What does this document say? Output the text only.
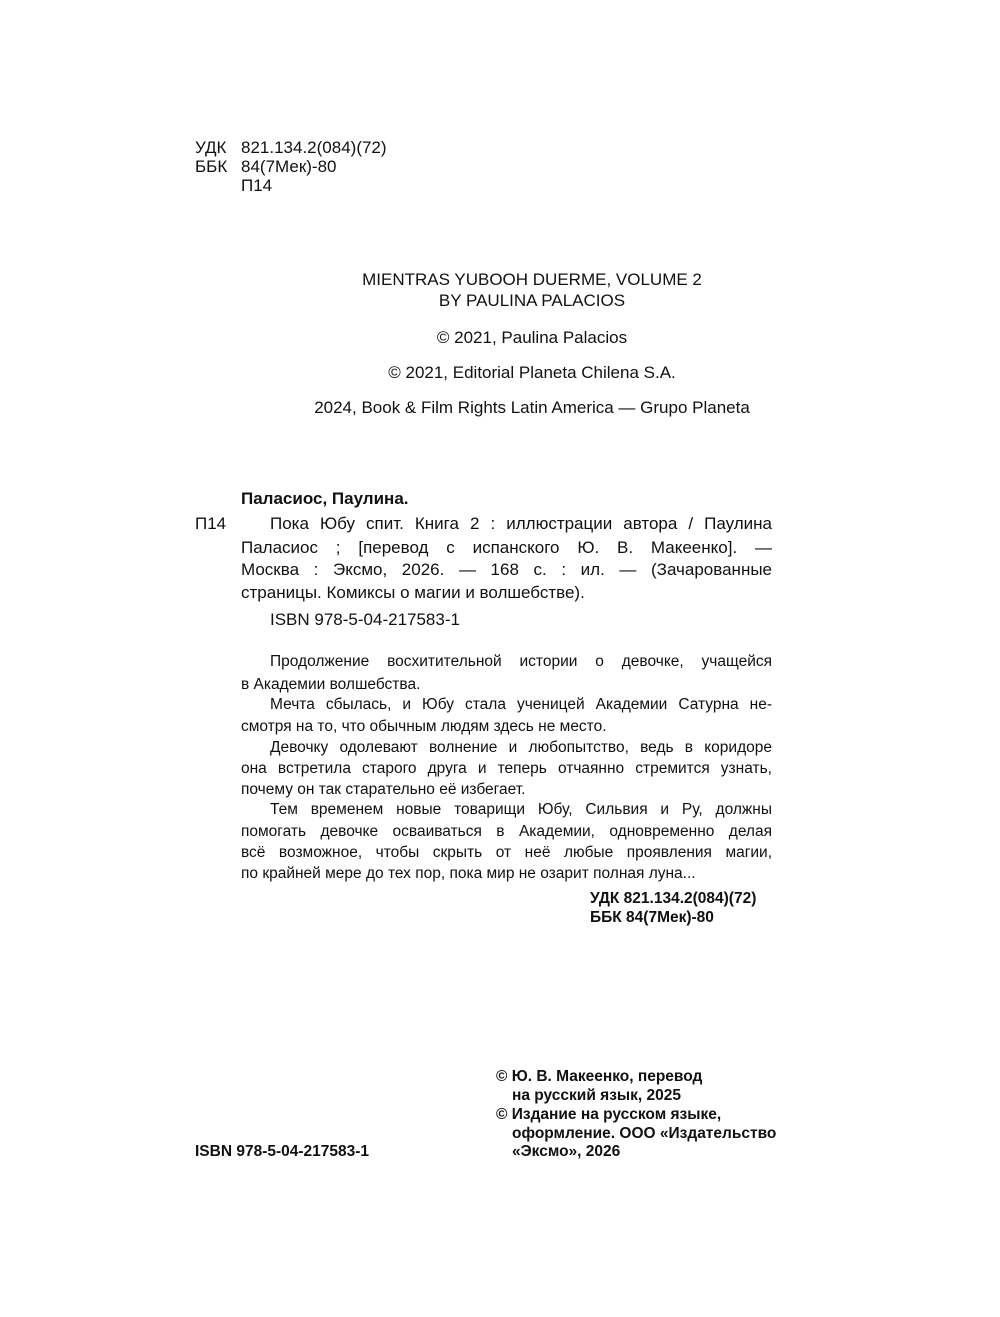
УДК 821.134.2(084)(72)
ББК 84(7Мек)-80
П14
MIENTRAS YUBOOH DUERME, VOLUME 2
BY PAULINA PALACIOS
© 2021, Paulina Palacios
© 2021, Editorial Planeta Chilena S.A.
2024, Book & Film Rights Latin America — Grupo Planeta
Паласиос, Паулина.
П14	Пока Юбу спит. Книга 2 : иллюстрации автора / Паулина
Паласиос ; [перевод с испанского Ю. В. Макеенко]. —
Москва : Эксмо, 2026. — 168 с. : ил. — (Зачарованные
страницы. Комиксы о магии и волшебстве).
ISBN 978-5-04-217583-1
Продолжение восхитительной истории о девочке, учащейся
в Академии волшебства.
Мечта сбылась, и Юбу стала ученицей Академии Сатурна не-
смотря на то, что обычным людям здесь не место.
Девочку одолевают волнение и любопытство, ведь в коридоре
она встретила старого друга и теперь отчаянно стремится узнать,
почему он так старательно её избегает.
Тем временем новые товарищи Юбу, Сильвия и Ру, должны
помогать девочке осваиваться в Академии, одновременно делая
всё возможное, чтобы скрыть от неё любые проявления магии,
по крайней мере до тех пор, пока мир не озарит полная луна...
УДК 821.134.2(084)(72)
ББК 84(7Мек)-80
© Ю. В. Макеенко, перевод
на русский язык, 2025
© Издание на русском языке,
оформление. ООО «Издательство
«Эксмо», 2026
ISBN 978-5-04-217583-1
